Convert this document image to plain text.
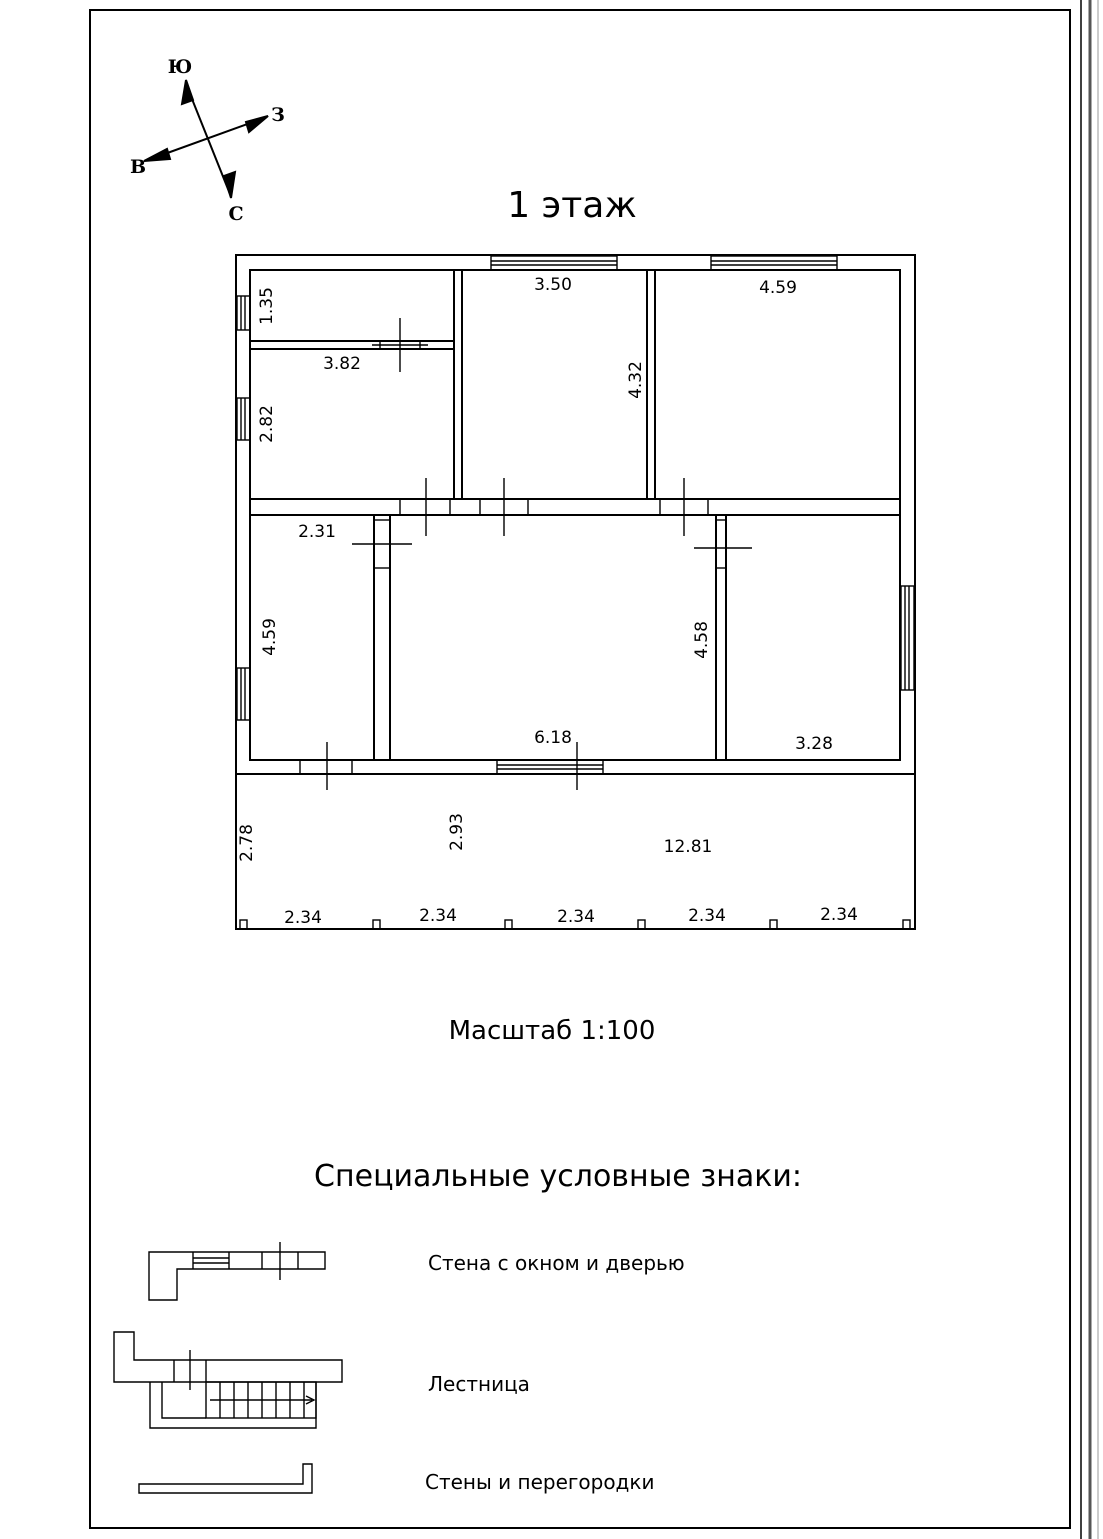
Ю
З
В
С	1 этаж
1.35
3.82
2.82
3.50
4.32
4.59
2.31
4.59	4.58
6.18	3.28
2.78	2.93	12.81
2.34	2.34	2.34	2.34	2.34
Масштаб 1:100
Специальные условные знаки:
Стена с окном и дверью
Лестница
Стены и перегородки
